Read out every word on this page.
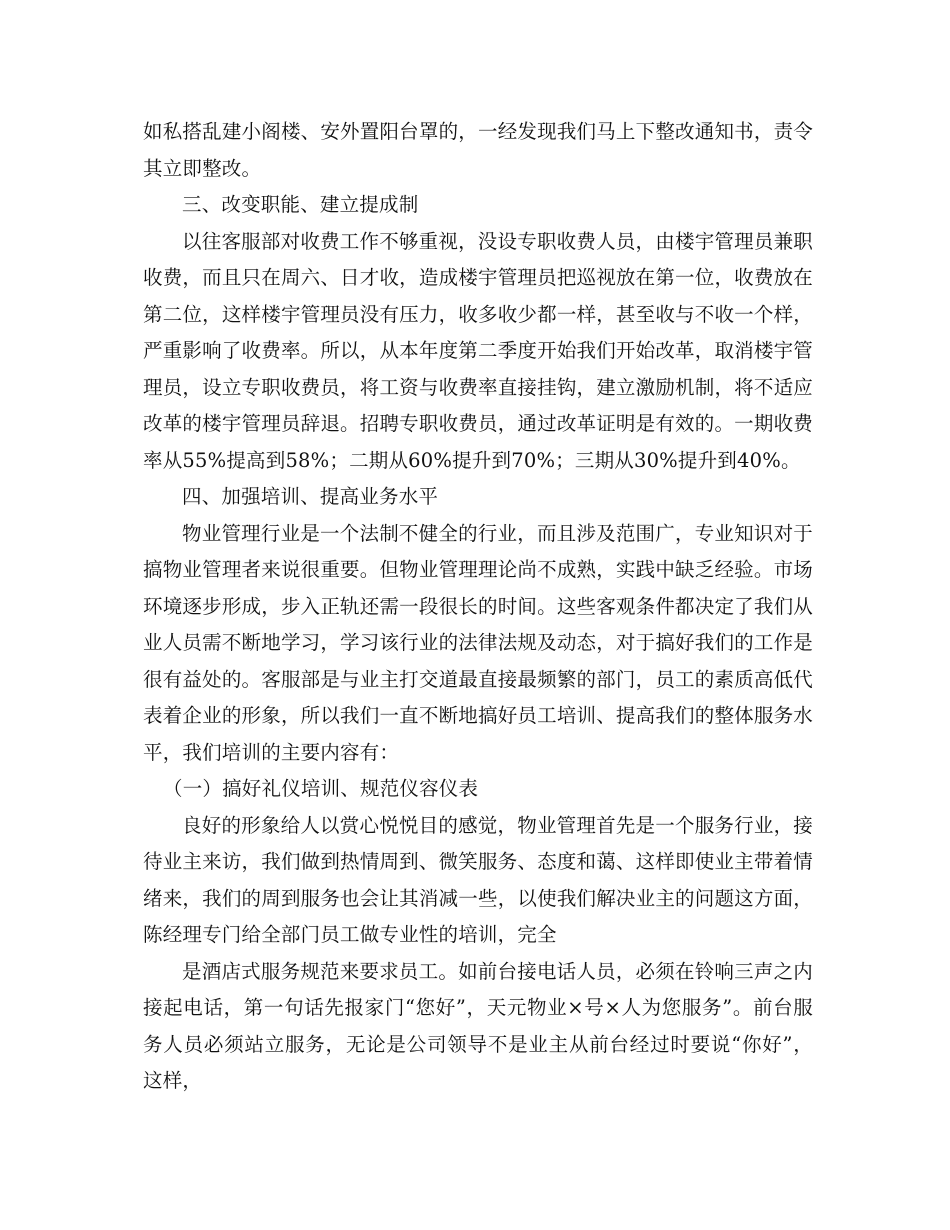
如私搭乱建小阁楼、安外置阳台罩的，一经发现我们马上下整改通知书，责令其立即整改。

三、改变职能、建立提成制

以往客服部对收费工作不够重视，没设专职收费人员，由楼宇管理员兼职收费，而且只在周六、日才收，造成楼宇管理员把巡视放在第一位，收费放在第二位，这样楼宇管理员没有压力，收多收少都一样，甚至收与不收一个样，严重影响了收费率。所以，从本年度第二季度开始我们开始改革，取消楼宇管理员，设立专职收费员，将工资与收费率直接挂钩，建立激励机制，将不适应改革的楼宇管理员辞退。招聘专职收费员，通过改革证明是有效的。一期收费率从55%提高到58%；二期从60%提升到70%；三期从30%提升到40%。

四、加强培训、提高业务水平

物业管理行业是一个法制不健全的行业，而且涉及范围广，专业知识对于搞物业管理者来说很重要。但物业管理理论尚不成熟，实践中缺乏经验。市场环境逐步形成，步入正轨还需一段很长的时间。这些客观条件都决定了我们从业人员需不断地学习，学习该行业的法律法规及动态，对于搞好我们的工作是很有益处的。客服部是与业主打交道最直接最频繁的部门，员工的素质高低代表着企业的形象，所以我们一直不断地搞好员工培训、提高我们的整体服务水平，我们培训的主要内容有：

（一）搞好礼仪培训、规范仪容仪表

良好的形象给人以赏心悦悦目的感觉，物业管理首先是一个服务行业，接待业主来访，我们做到热情周到、微笑服务、态度和蔼、这样即使业主带着情绪来，我们的周到服务也会让其消减一些，以使我们解决业主的问题这方面，陈经理专门给全部门员工做专业性的培训，完全

是酒店式服务规范来要求员工。如前台接电话人员，必须在铃响三声之内接起电话，第一句话先报家门“您好”，天元物业×号×人为您服务”。前台服务人员必须站立服务，无论是公司领导不是业主从前台经过时要说“你好”，这样，
